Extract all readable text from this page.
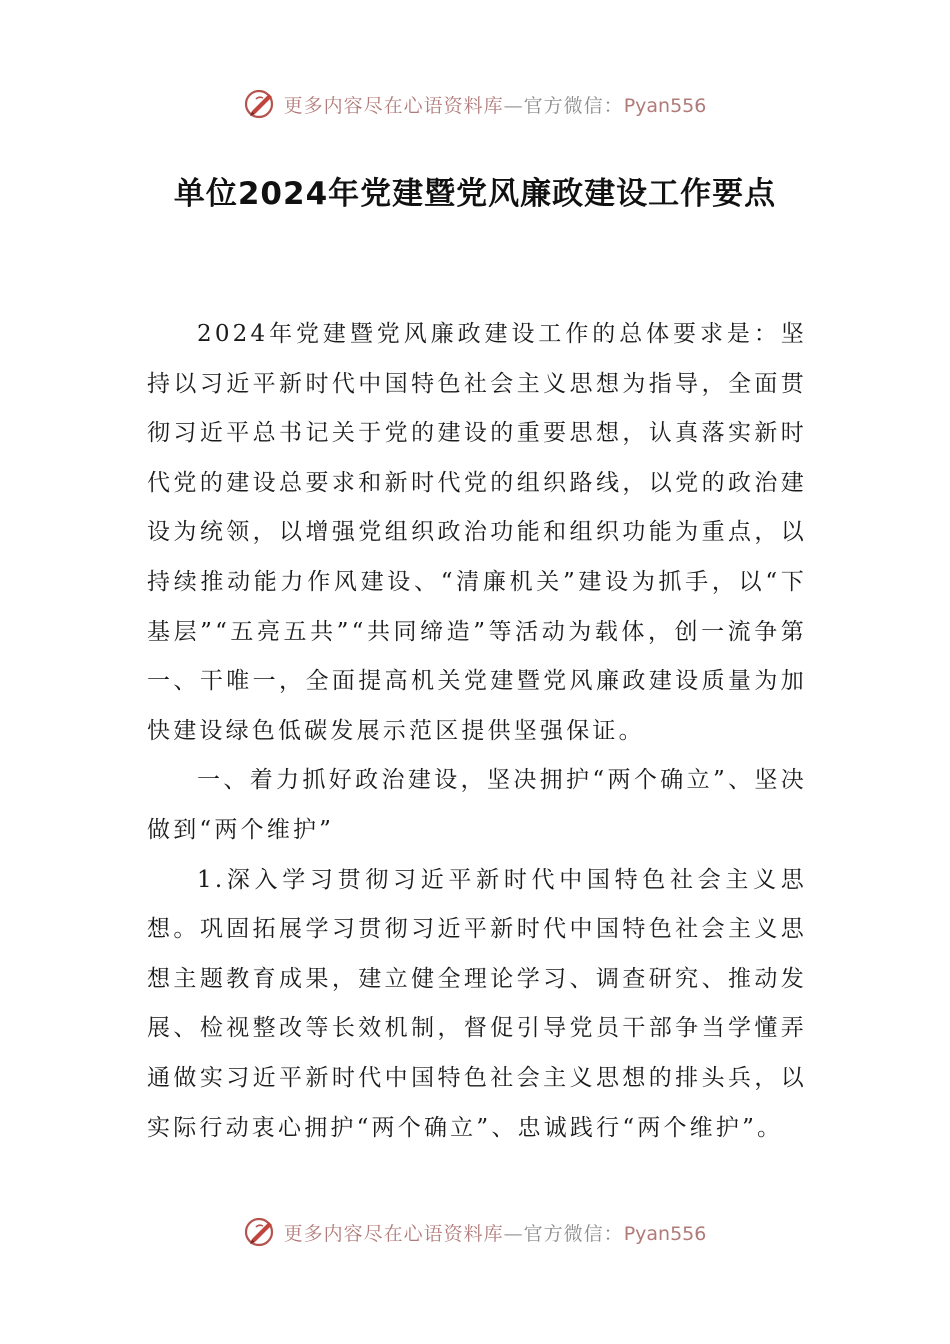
更多内容尽在心语资料库—官方微信：Pyan556
单位2024年党建暨党风廉政建设工作要点

2024年党建暨党风廉政建设工作的总体要求是：坚持以习近平新时代中国特色社会主义思想为指导，全面贯彻习近平总书记关于党的建设的重要思想，认真落实新时代党的建设总要求和新时代党的组织路线，以党的政治建设为统领，以增强党组织政治功能和组织功能为重点，以持续推动能力作风建设、“清廉机关”建设为抓手，以“下基层”“五亮五共”“共同缔造”等活动为载体，创一流争第一、干唯一，全面提高机关党建暨党风廉政建设质量为加快建设绿色低碳发展示范区提供坚强保证。

一、着力抓好政治建设，坚决拥护“两个确立”、坚决做到“两个维护”

1.深入学习贯彻习近平新时代中国特色社会主义思想。巩固拓展学习贯彻习近平新时代中国特色社会主义思想主题教育成果，建立健全理论学习、调查研究、推动发展、检视整改等长效机制，督促引导党员干部争当学懂弄通做实习近平新时代中国特色社会主义思想的排头兵，以实际行动衷心拥护“两个确立”、忠诚践行“两个维护”。

更多内容尽在心语资料库—官方微信：Pyan556
